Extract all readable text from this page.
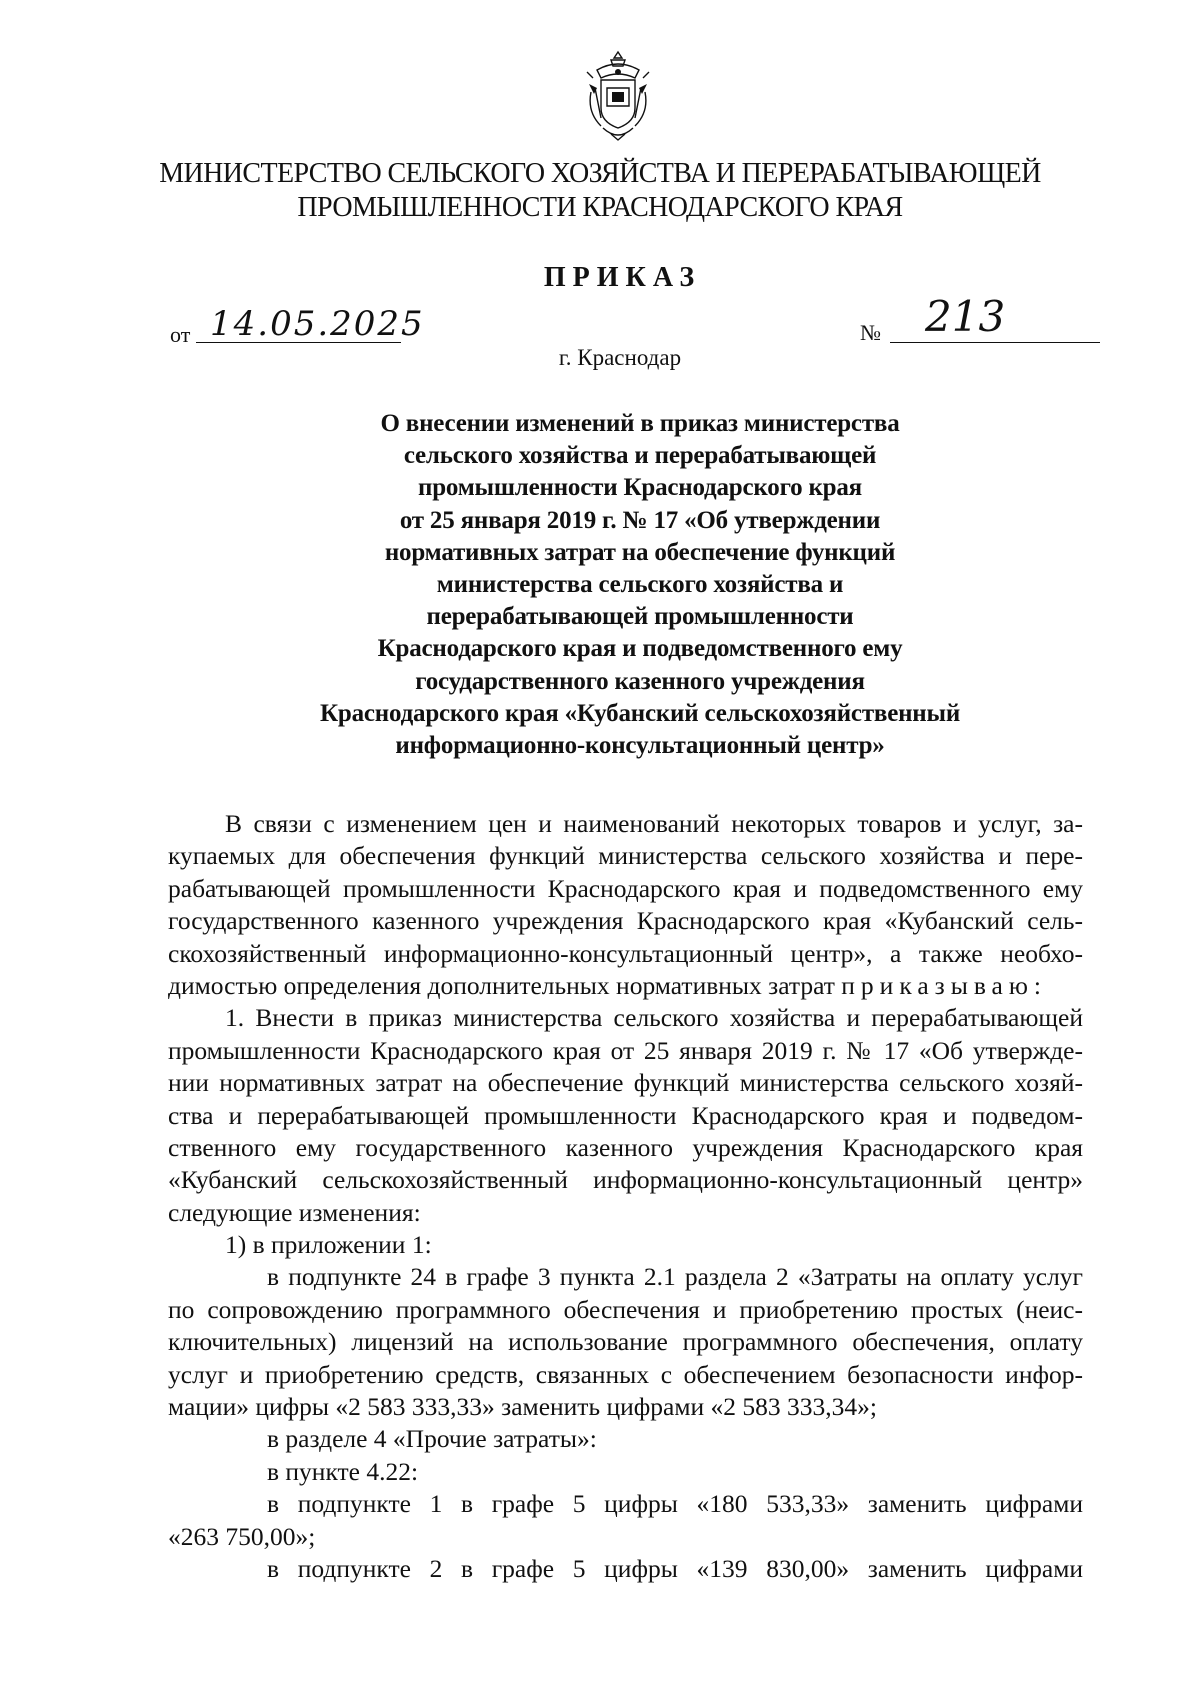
МИНИСТЕРСТВО СЕЛЬСКОГО ХОЗЯЙСТВА И ПЕРЕРАБАТЫВАЮЩЕЙ
ПРОМЫШЛЕННОСТИ КРАСНОДАРСКОГО КРАЯ
ПРИКАЗ
от 14.05.2025	№ 213
г. Краснодар
О внесении изменений в приказ министерства
сельского хозяйства и перерабатывающей
промышленности Краснодарского края
от 25 января 2019 г. № 17 «Об утверждении
нормативных затрат на обеспечение функций
министерства сельского хозяйства и
перерабатывающей промышленности
Краснодарского края и подведомственного ему
государственного казенного учреждения
Краснодарского края «Кубанский сельскохозяйственный
информационно-консультационный центр»
В связи с изменением цен и наименований некоторых товаров и услуг, за-
купаемых для обеспечения функций министерства сельского хозяйства и пере-
рабатывающей промышленности Краснодарского края и подведомственного ему
государственного казенного учреждения Краснодарского края «Кубанский сель-
скохозяйственный информационно-консультационный центр», а также необхо-
димостью определения дополнительных нормативных затрат приказываю:
1. Внести в приказ министерства сельского хозяйства и перерабатывающей
промышленности Краснодарского края от 25 января 2019 г. № 17 «Об утвержде-
нии нормативных затрат на обеспечение функций министерства сельского хозяй-
ства и перерабатывающей промышленности Краснодарского края и подведом-
ственного ему государственного казенного учреждения Краснодарского края
«Кубанский сельскохозяйственный информационно-консультационный центр»
следующие изменения:
1) в приложении 1:
в подпункте 24 в графе 3 пункта 2.1 раздела 2 «Затраты на оплату услуг
по сопровождению программного обеспечения и приобретению простых (неис-
ключительных) лицензий на использование программного обеспечения, оплату
услуг и приобретению средств, связанных с обеспечением безопасности инфор-
мации» цифры «2 583 333,33» заменить цифрами «2 583 333,34»;
в разделе 4 «Прочие затраты»:
в пункте 4.22:
в подпункте 1 в графе 5 цифры «180 533,33» заменить цифрами
«263 750,00»;
в подпункте 2 в графе 5 цифры «139 830,00» заменить цифрами
